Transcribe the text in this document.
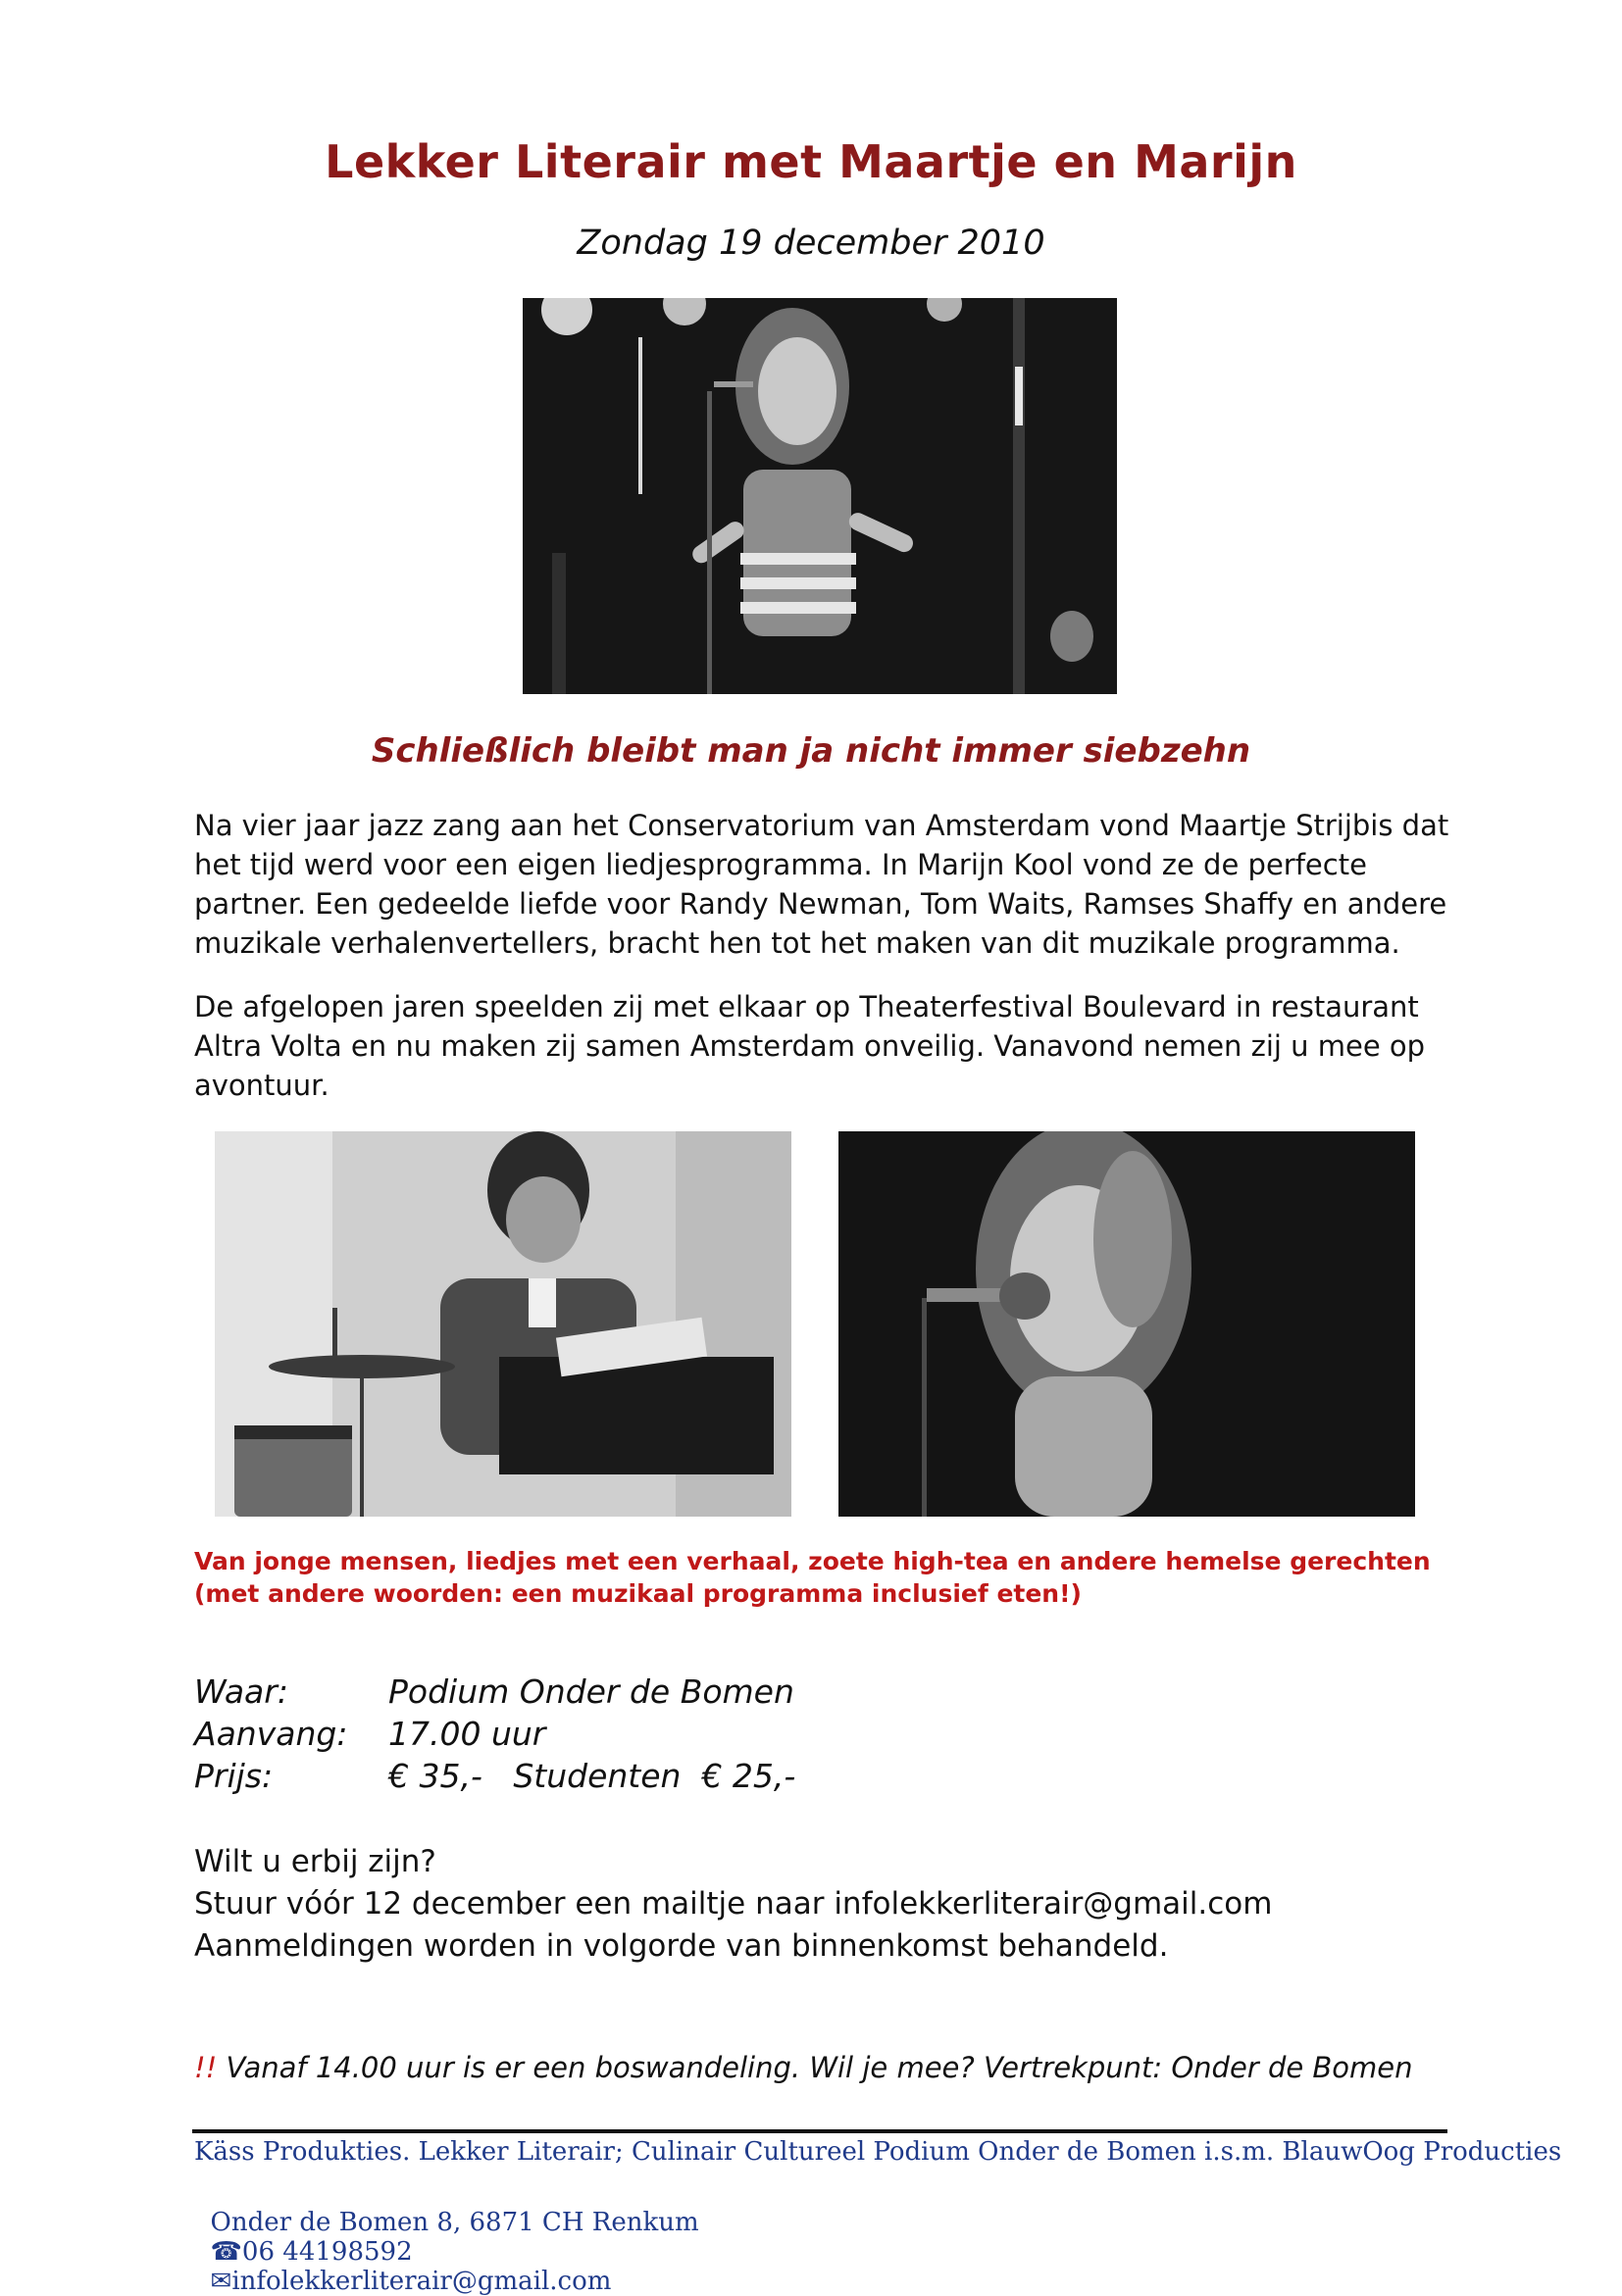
Lekker Literair met Maartje en Marijn
Zondag 19 december 2010
Schließlich bleibt man ja nicht immer siebzehn
Na vier jaar jazz zang aan het Conservatorium van Amsterdam vond Maartje Strijbis dat
het tijd werd voor een eigen liedjesprogramma. In Marijn Kool vond ze de perfecte
partner. Een gedeelde liefde voor Randy Newman, Tom Waits, Ramses Shaffy en andere
muzikale verhalenvertellers, bracht hen tot het maken van dit muzikale programma.
De afgelopen jaren speelden zij met elkaar op Theaterfestival Boulevard in restaurant
Altra Volta en nu maken zij samen Amsterdam onveilig. Vanavond nemen zij u mee op
avontuur.
Van jonge mensen, liedjes met een verhaal, zoete high-tea en andere hemelse gerechten
(met andere woorden: een muzikaal programma inclusief eten!)
Waar:	Podium Onder de Bomen
Aanvang: 17.00 uur
Prijs:	€ 35,-   Studenten  € 25,-
Wilt u erbij zijn?
Stuur vóór 12 december een mailtje naar infolekkerliterair@gmail.com
Aanmeldingen worden in volgorde van binnenkomst behandeld.
!! Vanaf 14.00 uur is er een boswandeling. Wil je mee? Vertrekpunt: Onder de Bomen
Käss Produkties. Lekker Literair; Culinair Cultureel Podium Onder de Bomen i.s.m. BlauwOog Producties

Onder de Bomen 8, 6871 CH Renkum
☎06 44198592
✉infolekkerliterair@gmail.com
